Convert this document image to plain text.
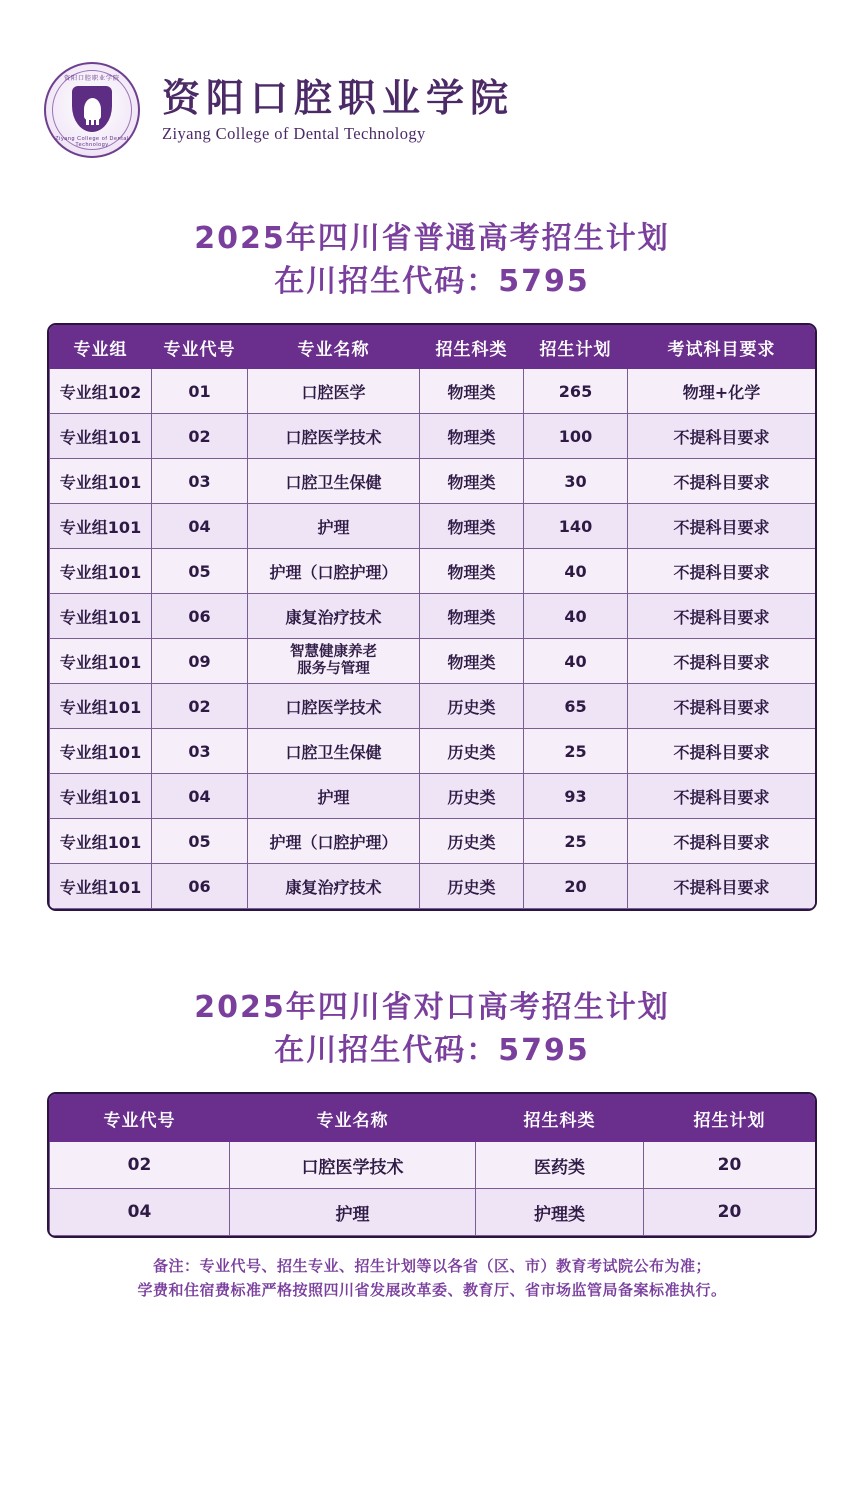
资阳口腔职业学院
Ziyang College of Dental Technology
资阳口腔职业学院
Ziyang College of Dental Technology
2025年四川省普通高考招生计划
在川招生代码：5795
专业组	专业代号	专业名称	招生科类	招生计划	考试科目要求
专业组102	01	口腔医学	物理类	265	物理+化学
专业组101	02	口腔医学技术	物理类	100	不提科目要求
专业组101	03	口腔卫生保健	物理类	30	不提科目要求
专业组101	04	护理	物理类	140	不提科目要求
专业组101	05	护理（口腔护理）	物理类	40	不提科目要求
专业组101	06	康复治疗技术	物理类	40	不提科目要求
专业组101	09	智慧健康养老
服务与管理	物理类	40	不提科目要求
专业组101	02	口腔医学技术	历史类	65	不提科目要求
专业组101	03	口腔卫生保健	历史类	25	不提科目要求
专业组101	04	护理	历史类	93	不提科目要求
专业组101	05	护理（口腔护理）	历史类	25	不提科目要求
专业组101	06	康复治疗技术	历史类	20	不提科目要求
2025年四川省对口高考招生计划
在川招生代码：5795
专业代号	专业名称	招生科类	招生计划
02	口腔医学技术	医药类	20
04	护理	护理类	20
备注：专业代号、招生专业、招生计划等以各省（区、市）教育考试院公布为准；
学费和住宿费标准严格按照四川省发展改革委、教育厅、省市场监管局备案标准执行。
